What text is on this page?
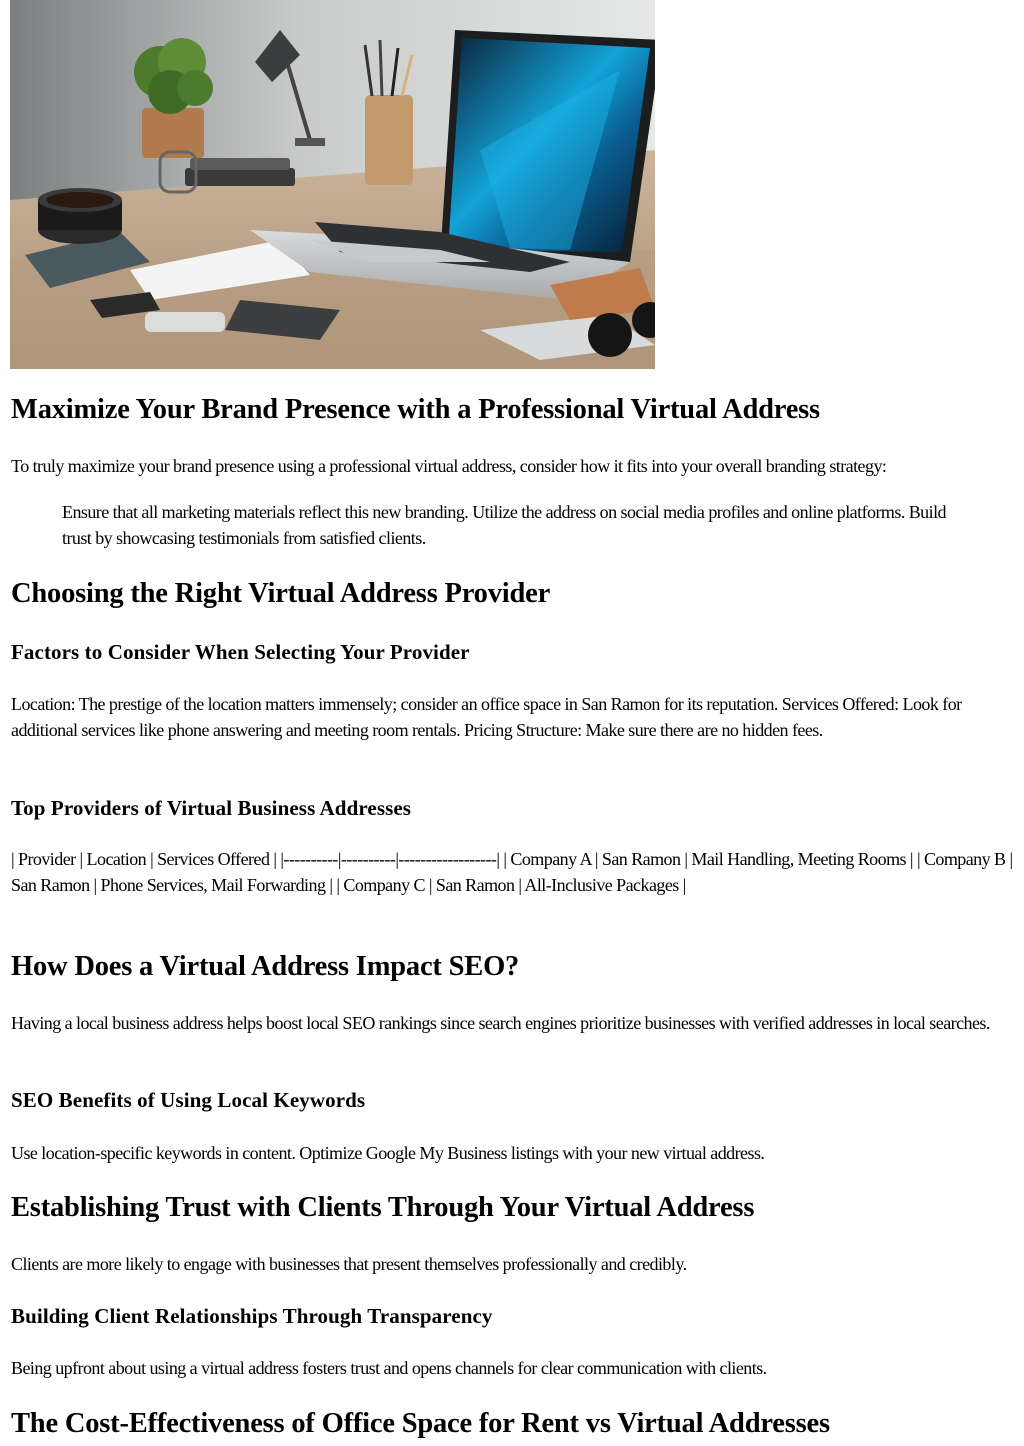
Maximize Your Brand Presence with a Professional Virtual Address

To truly maximize your brand presence using a professional virtual address, consider how it fits into your overall branding strategy:

Ensure that all marketing materials reflect this new branding. Utilize the address on social media profiles and online platforms. Build trust by showcasing testimonials from satisfied clients.
Choosing the Right Virtual Address Provider
Factors to Consider When Selecting Your Provider

Location: The prestige of the location matters immensely; consider an office space in San Ramon for its reputation. Services Offered: Look for additional services like phone answering and meeting room rentals. Pricing Structure: Make sure there are no hidden fees.

Top Providers of Virtual Business Addresses

| Provider | Location | Services Offered | |----------|----------|------------------| | Company A | San Ramon | Mail Handling, Meeting Rooms | | Company B | San Ramon | Phone Services, Mail Forwarding | | Company C | San Ramon | All-Inclusive Packages |

How Does a Virtual Address Impact SEO?

Having a local business address helps boost local SEO rankings since search engines prioritize businesses with verified addresses in local searches.

SEO Benefits of Using Local Keywords

Use location-specific keywords in content. Optimize Google My Business listings with your new virtual address.

Establishing Trust with Clients Through Your Virtual Address

Clients are more likely to engage with businesses that present themselves professionally and credibly.

Building Client Relationships Through Transparency

Being upfront about using a virtual address fosters trust and opens channels for clear communication with clients.

The Cost-Effectiveness of Office Space for Rent vs Virtual Addresses
